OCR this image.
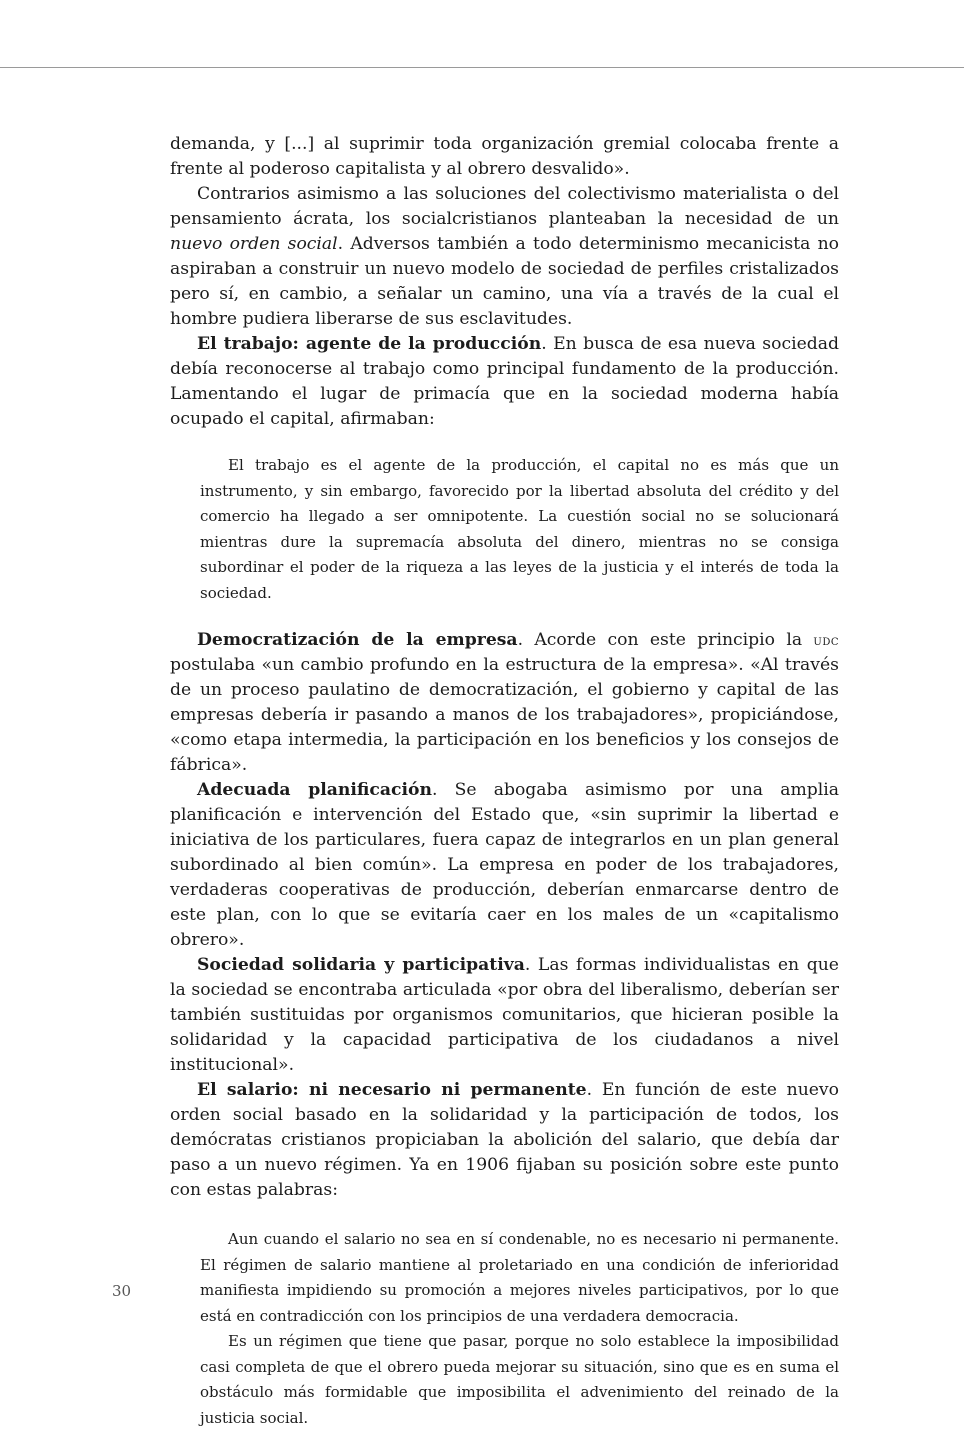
demanda, y [...] al suprimir toda organización gremial colocaba frente a frente al poderoso capitalista y al obrero desvalido».

Contrarios asimismo a las soluciones del colectivismo materialista o del pensamiento ácrata, los socialcristianos planteaban la necesidad de un nuevo orden social. Adversos también a todo determinismo mecanicista no aspiraban a construir un nuevo modelo de sociedad de perfiles cristalizados pero sí, en cambio, a señalar un camino, una vía a través de la cual el hombre pudiera liberarse de sus esclavitudes.

El trabajo: agente de la producción. En busca de esa nueva sociedad debía reconocerse al trabajo como principal fundamento de la producción. Lamentando el lugar de primacía que en la sociedad moderna había ocupado el capital, afirmaban:

El trabajo es el agente de la producción, el capital no es más que un instrumento, y sin embargo, favorecido por la libertad absoluta del crédito y del comercio ha llegado a ser omnipotente. La cuestión social no se solucionará mientras dure la supremacía absoluta del dinero, mientras no se consiga subordinar el poder de la riqueza a las leyes de la justicia y el interés de toda la sociedad.

Democratización de la empresa. Acorde con este principio la udc postulaba «un cambio profundo en la estructura de la empresa». «Al través de un proceso paulatino de democratización, el gobierno y capital de las empresas debería ir pasando a manos de los trabajadores», propiciándose, «como etapa intermedia, la participación en los beneficios y los consejos de fábrica».

Adecuada planificación. Se abogaba asimismo por una amplia planificación e intervención del Estado que, «sin suprimir la libertad e iniciativa de los particulares, fuera capaz de integrarlos en un plan general subordinado al bien común». La empresa en poder de los trabajadores, verdaderas cooperativas de producción, deberían enmarcarse dentro de este plan, con lo que se evitaría caer en los males de un «capitalismo obrero».

Sociedad solidaria y participativa. Las formas individualistas en que la sociedad se encontraba articulada «por obra del liberalismo, deberían ser también sustituidas por organismos comunitarios, que hicieran posible la solidaridad y la capacidad participativa de los ciudadanos a nivel institucional».

El salario: ni necesario ni permanente. En función de este nuevo orden social basado en la solidaridad y la participación de todos, los demócratas cristianos propiciaban la abolición del salario, que debía dar paso a un nuevo régimen. Ya en 1906 fijaban su posición sobre este punto con estas palabras:

Aun cuando el salario no sea en sí condenable, no es necesario ni permanente. El régimen de salario mantiene al proletariado en una condición de inferioridad manifiesta impidiendo su promoción a mejores niveles participativos, por lo que está en contradicción con los principios de una verdadera democracia.

Es un régimen que tiene que pasar, porque no solo establece la imposibilidad casi completa de que el obrero pueda mejorar su situación, sino que es en suma el obstáculo más formidable que imposibilita el advenimiento del reinado de la justicia social.

30
